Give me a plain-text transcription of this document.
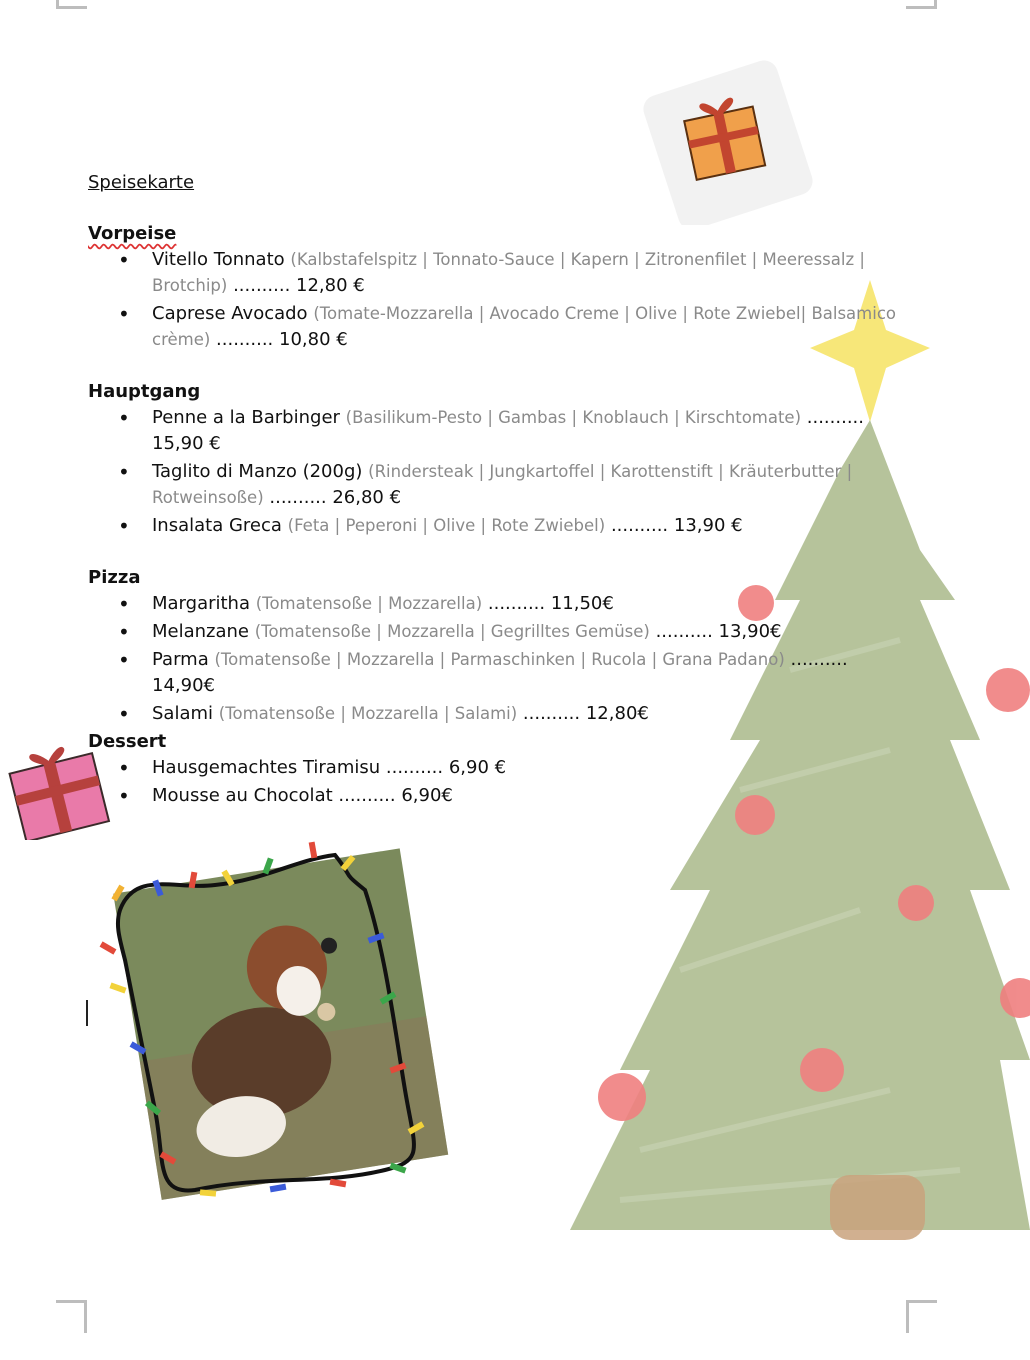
Speisekarte
Vorpeise
• Vitello Tonnato (Kalbstafelspitz | Tonnato-Sauce | Kapern | Zitronenfilet | Meeressalz | Brotchip) .......... 12,80 €
• Caprese Avocado (Tomate-Mozzarella | Avocado Creme | Olive | Rote Zwiebel| Balsamico crème) .......... 10,80 €
Hauptgang
• Penne a la Barbinger (Basilikum-Pesto | Gambas | Knoblauch | Kirschtomate) .......... 15,90 €
• Taglito di Manzo (200g) (Rindersteak | Jungkartoffel | Karottenstift | Kräuterbutter | Rotweinsoße) .......... 26,80 €
• Insalata Greca (Feta | Peperoni | Olive | Rote Zwiebel) .......... 13,90 €
Pizza
• Margaritha (Tomatensoße | Mozzarella) .......... 11,50€
• Melanzane (Tomatensoße | Mozzarella | Gegrilltes Gemüse) .......... 13,90€
• Parma (Tomatensoße | Mozzarella | Parmaschinken | Rucola | Grana Padano) .......... 14,90€
• Salami (Tomatensoße | Mozzarella | Salami) .......... 12,80€
Dessert
• Hausgemachtes Tiramisu .......... 6,90 €
• Mousse au Chocolat .......... 6,90€
